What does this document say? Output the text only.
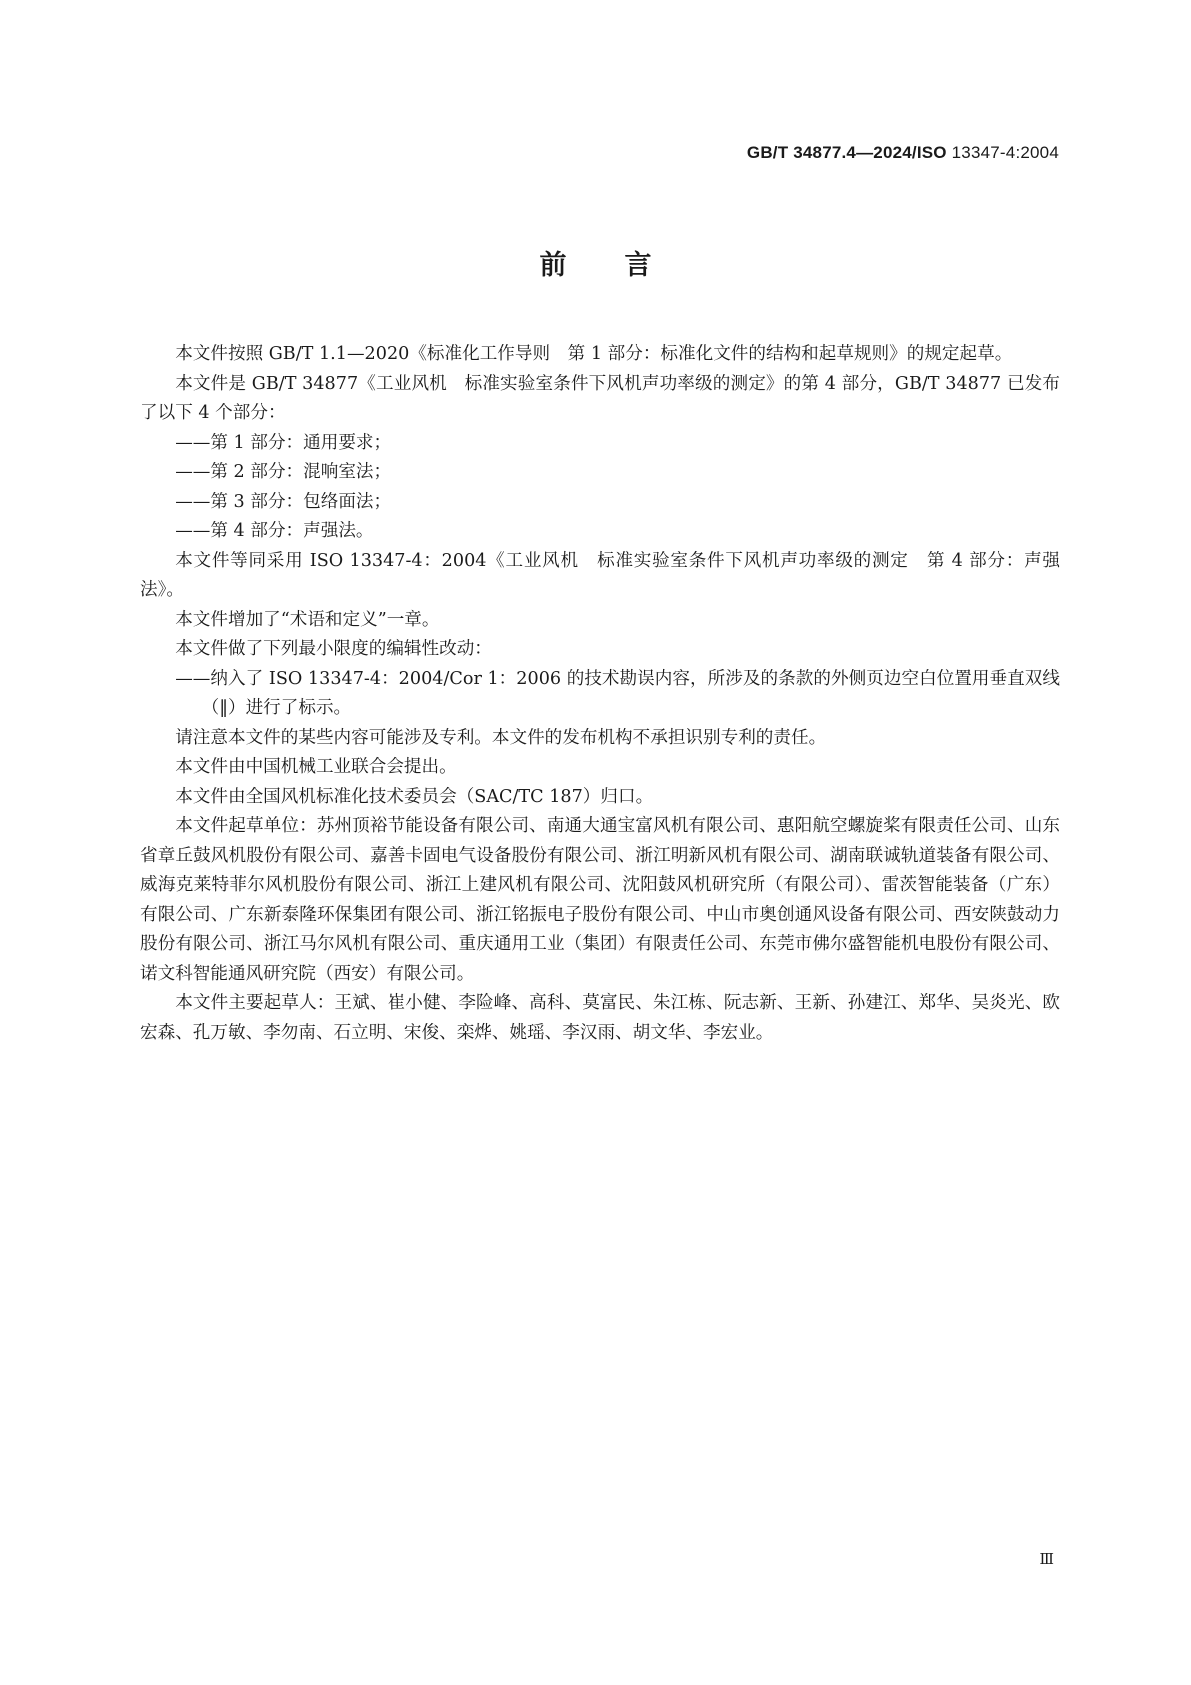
GB/T 34877.4—2024/ISO 13347-4:2004
前言

本文件按照 GB/T 1.1—2020《标准化工作导则　第 1 部分：标准化文件的结构和起草规则》的规定起草。

本文件是 GB/T 34877《工业风机　标准实验室条件下风机声功率级的测定》的第 4 部分，GB/T 34877 已发布了以下 4 个部分：

——第 1 部分：通用要求；

——第 2 部分：混响室法；

——第 3 部分：包络面法；

——第 4 部分：声强法。

本文件等同采用 ISO 13347-4：2004《工业风机　标准实验室条件下风机声功率级的测定　第 4 部分：声强法》。

本文件增加了“术语和定义”一章。

本文件做了下列最小限度的编辑性改动：

——纳入了 ISO 13347-4：2004/Cor 1：2006 的技术勘误内容，所涉及的条款的外侧页边空白位置用垂直双线（‖）进行了标示。

请注意本文件的某些内容可能涉及专利。本文件的发布机构不承担识别专利的责任。

本文件由中国机械工业联合会提出。

本文件由全国风机标准化技术委员会（SAC/TC 187）归口。

本文件起草单位：苏州顶裕节能设备有限公司、南通大通宝富风机有限公司、惠阳航空螺旋桨有限责任公司、山东省章丘鼓风机股份有限公司、嘉善卡固电气设备股份有限公司、浙江明新风机有限公司、湖南联诚轨道装备有限公司、威海克莱特菲尔风机股份有限公司、浙江上建风机有限公司、沈阳鼓风机研究所（有限公司）、雷茨智能装备（广东）有限公司、广东新泰隆环保集团有限公司、浙江铭振电子股份有限公司、中山市奥创通风设备有限公司、西安陕鼓动力股份有限公司、浙江马尔风机有限公司、重庆通用工业（集团）有限责任公司、东莞市佛尔盛智能机电股份有限公司、诺文科智能通风研究院（西安）有限公司。

本文件主要起草人：王斌、崔小健、李险峰、高科、莫富民、朱江栋、阮志新、王新、孙建江、郑华、吴炎光、欧宏森、孔万敏、李勿南、石立明、宋俊、栾烨、姚瑶、李汉雨、胡文华、李宏业。

Ⅲ
